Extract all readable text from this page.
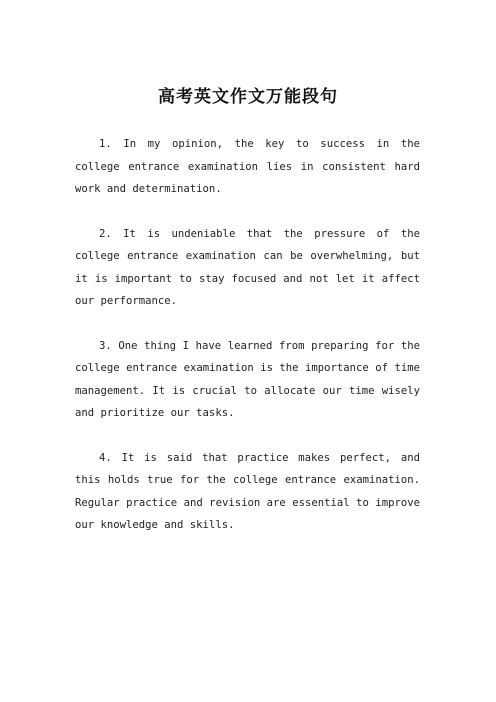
高考英文作文万能段句

1. In my opinion, the key to success in the college entrance examination lies in consistent hard work and determination.

2. It is undeniable that the pressure of the college entrance examination can be overwhelming, but it is important to stay focused and not let it affect our performance.

3. One thing I have learned from preparing for the college entrance examination is the importance of time management. It is crucial to allocate our time wisely and prioritize our tasks.

4. It is said that practice makes perfect, and this holds true for the college entrance examination. Regular practice and revision are essential to improve our knowledge and skills.
